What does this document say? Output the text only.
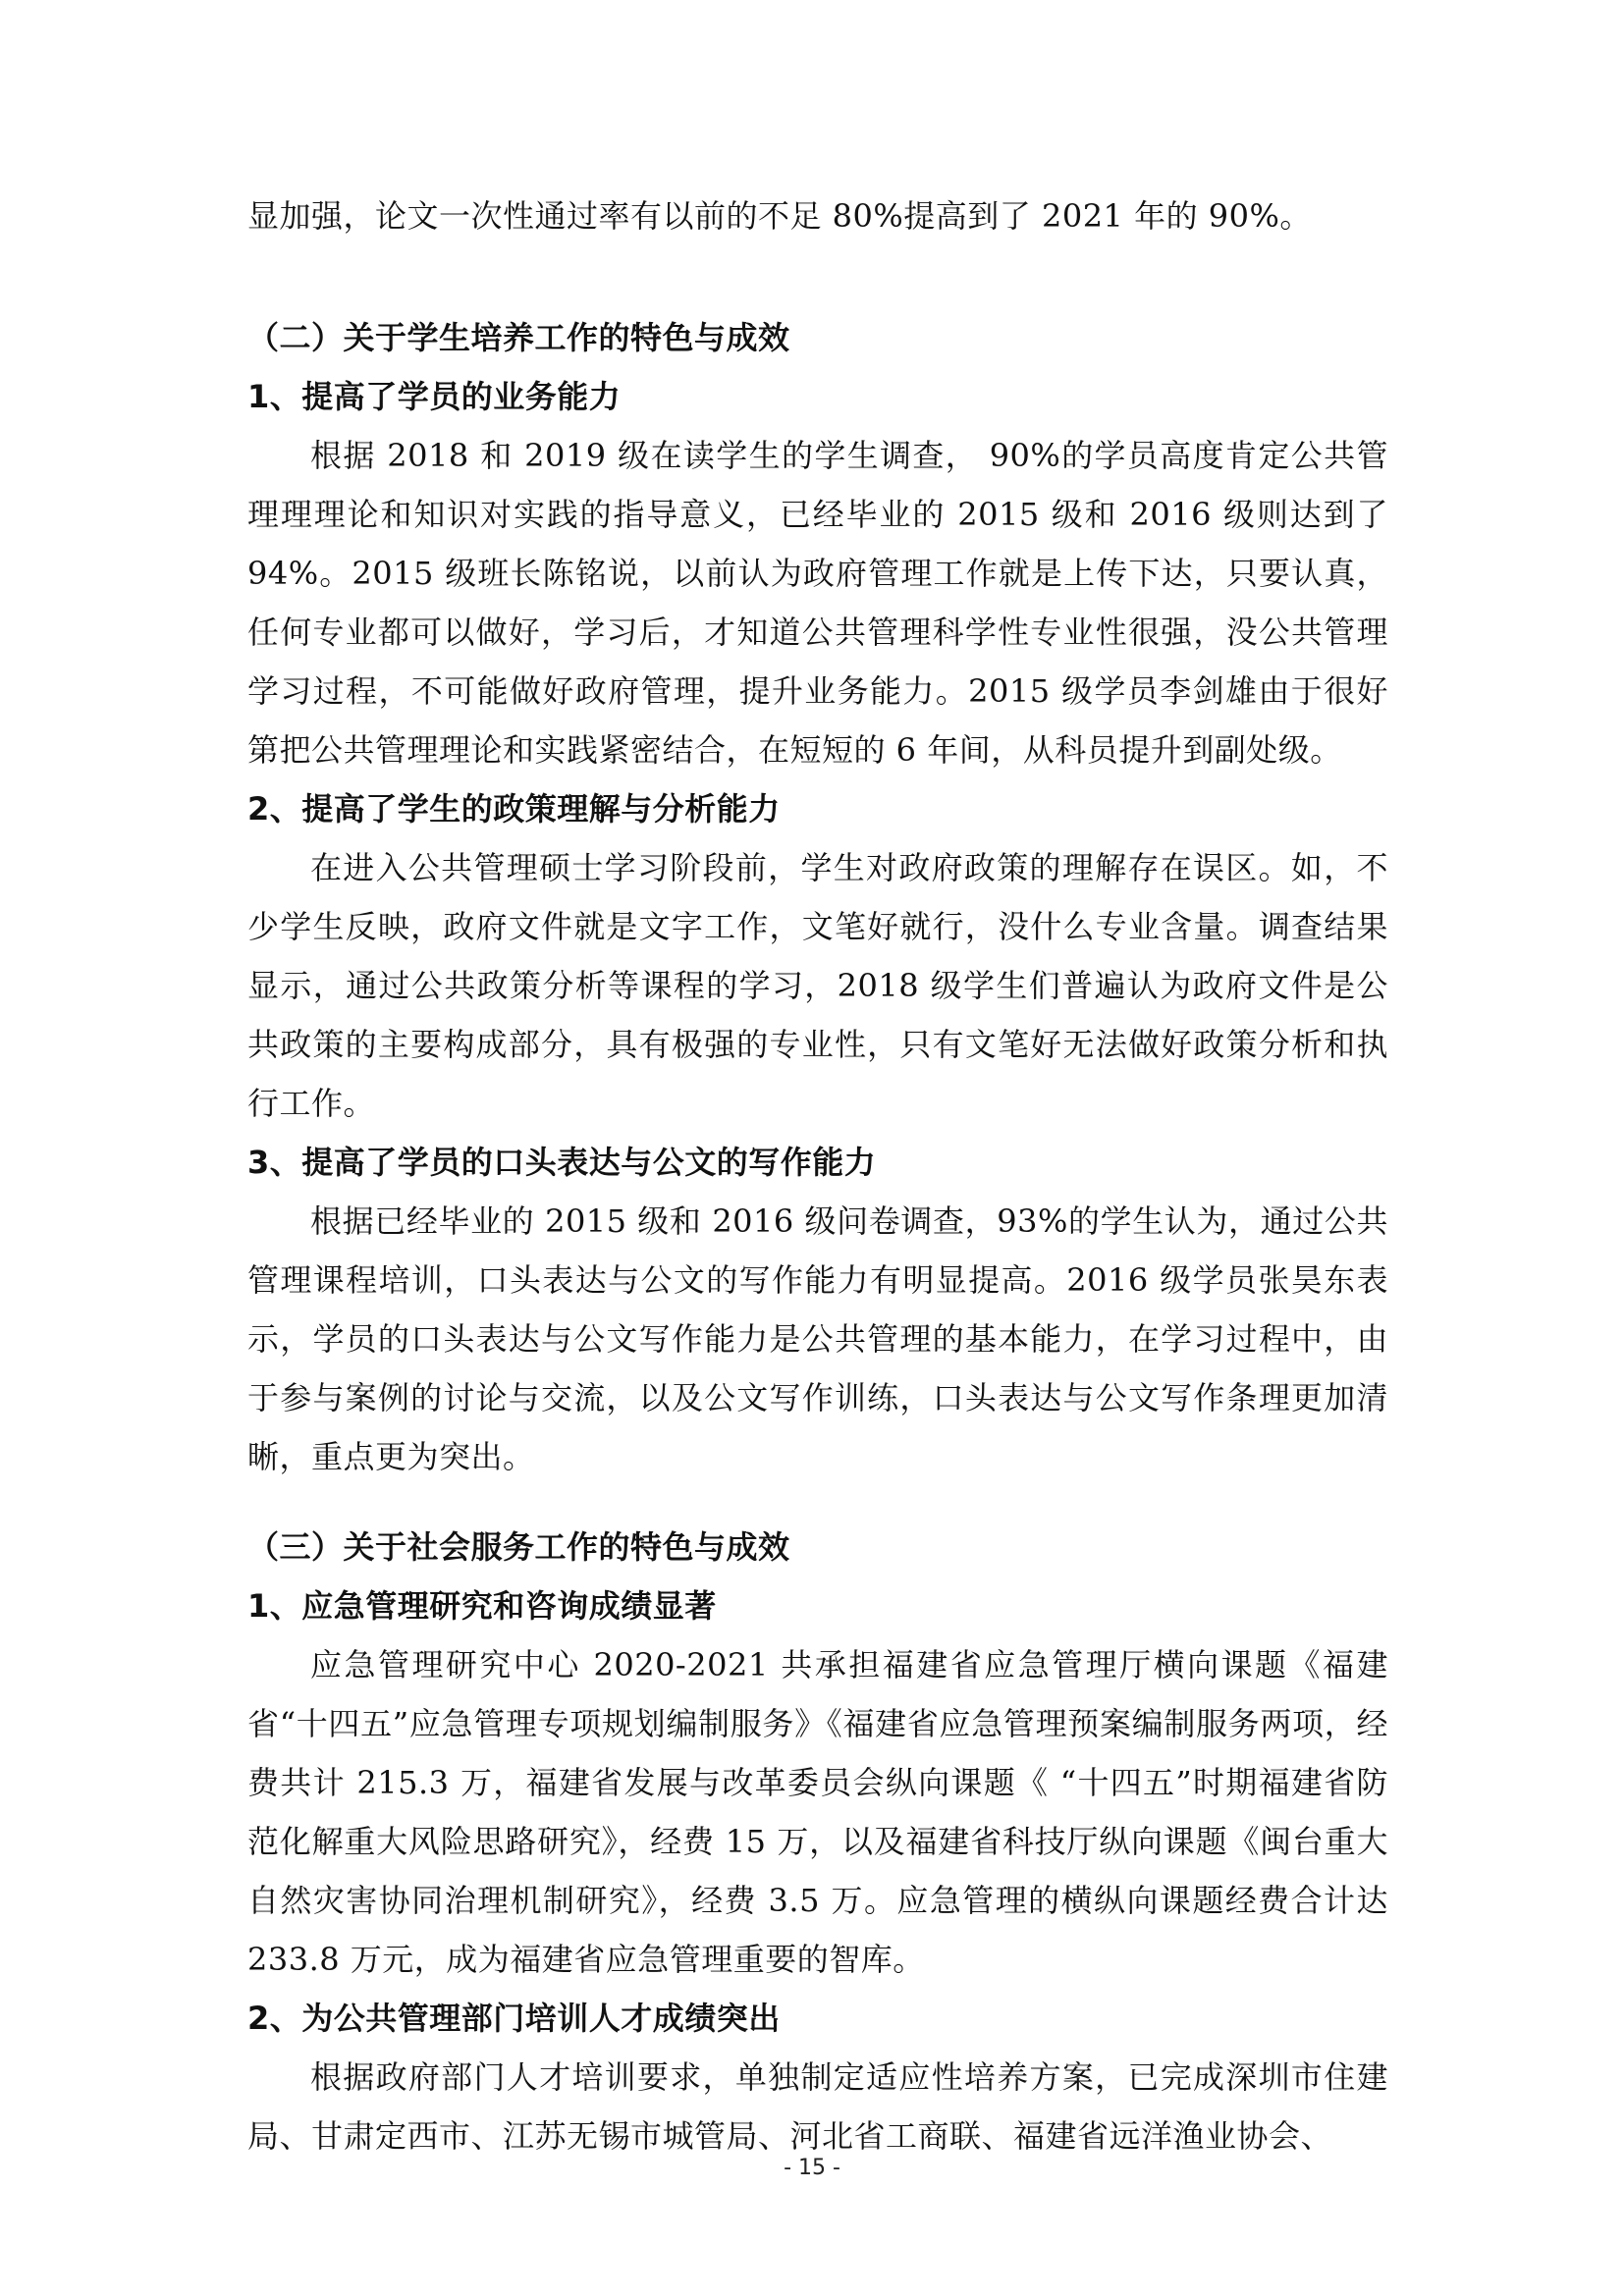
显加强，论文一次性通过率有以前的不足 80%提高到了 2021 年的 90%。

（二）关于学生培养工作的特色与成效

1、提高了学员的业务能力

根据 2018 和 2019 级在读学生的学生调查， 90%的学员高度肯定公共管理理理论和知识对实践的指导意义，已经毕业的 2015 级和 2016 级则达到了 94%。2015 级班长陈铭说，以前认为政府管理工作就是上传下达，只要认真，任何专业都可以做好，学习后，才知道公共管理科学性专业性很强，没公共管理学习过程，不可能做好政府管理，提升业务能力。2015 级学员李剑雄由于很好第把公共管理理论和实践紧密结合，在短短的 6 年间，从科员提升到副处级。

2、提高了学生的政策理解与分析能力

在进入公共管理硕士学习阶段前，学生对政府政策的理解存在误区。如，不少学生反映，政府文件就是文字工作，文笔好就行，没什么专业含量。调查结果显示，通过公共政策分析等课程的学习，2018 级学生们普遍认为政府文件是公共政策的主要构成部分，具有极强的专业性，只有文笔好无法做好政策分析和执行工作。

3、提高了学员的口头表达与公文的写作能力

根据已经毕业的 2015 级和 2016 级问卷调查，93%的学生认为，通过公共管理课程培训，口头表达与公文的写作能力有明显提高。2016 级学员张昊东表示，学员的口头表达与公文写作能力是公共管理的基本能力，在学习过程中，由于参与案例的讨论与交流，以及公文写作训练，口头表达与公文写作条理更加清晰，重点更为突出。

（三）关于社会服务工作的特色与成效

1、应急管理研究和咨询成绩显著

应急管理研究中心 2020-2021 共承担福建省应急管理厅横向课题《福建省“十四五”应急管理专项规划编制服务》《福建省应急管理预案编制服务两项，经费共计 215.3 万，福建省发展与改革委员会纵向课题《 “十四五”时期福建省防范化解重大风险思路研究》，经费 15 万，以及福建省科技厅纵向课题《闽台重大自然灾害协同治理机制研究》，经费 3.5 万。应急管理的横纵向课题经费合计达 233.8 万元，成为福建省应急管理重要的智库。

2、为公共管理部门培训人才成绩突出

根据政府部门人才培训要求，单独制定适应性培养方案，已完成深圳市住建局、甘肃定西市、江苏无锡市城管局、河北省工商联、福建省远洋渔业协会、

- 15 -
